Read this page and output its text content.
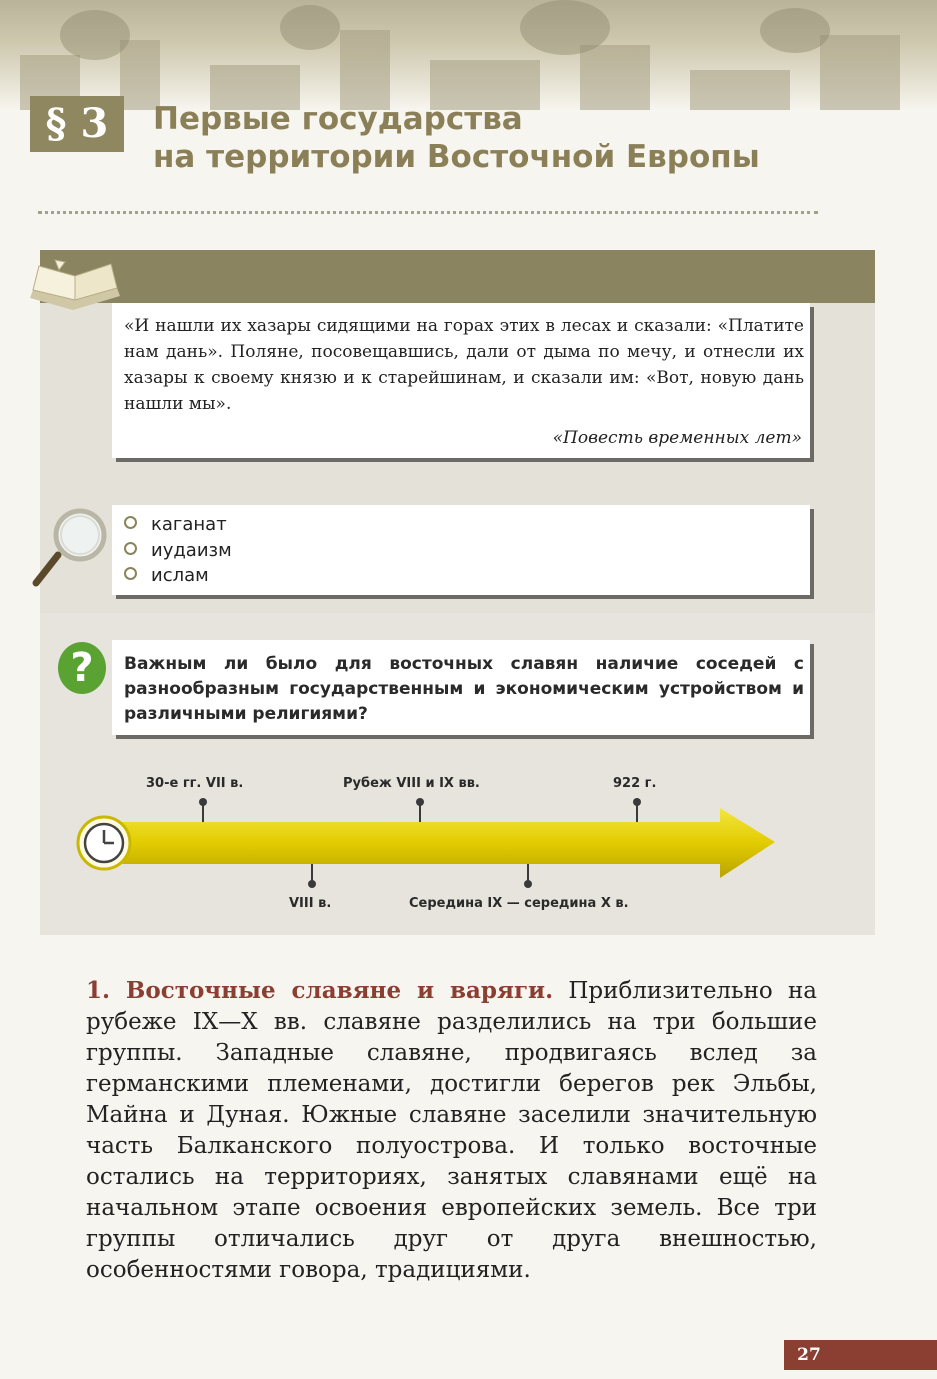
§ 3	Первые государства
на территории Восточной Европы

«И нашли их хазары сидящими на горах этих в лесах и сказали: «Платите нам дань». Поляне, посовещавшись, дали от дыма по мечу, и отнесли их хазары к своему князю и к старейшинам, и сказали им: «Вот, новую дань нашли мы».

«Повесть временных лет»

каганат
иудаизм
ислам
?	Важным ли было для восточных славян наличие соседей с разнообразным государственным и экономическим устройством и различными религиями?

30-е гг. VII в.	Рубеж VIII и IX вв.	922 г.
VIII в.	Середина IX — середина X в.

1. Восточные славяне и варяги. Приблизительно на рубеже IX—X вв. славяне разделились на три большие группы. Западные славяне, продвигаясь вслед за германскими племенами, достигли берегов рек Эльбы, Майна и Дуная. Южные славяне заселили значительную часть Балканского полуострова. И только восточные остались на территориях, занятых славянами ещё на начальном этапе освоения европейских земель. Все три группы отличались друг от друга внешностью, особенностями говора, традициями.

27
